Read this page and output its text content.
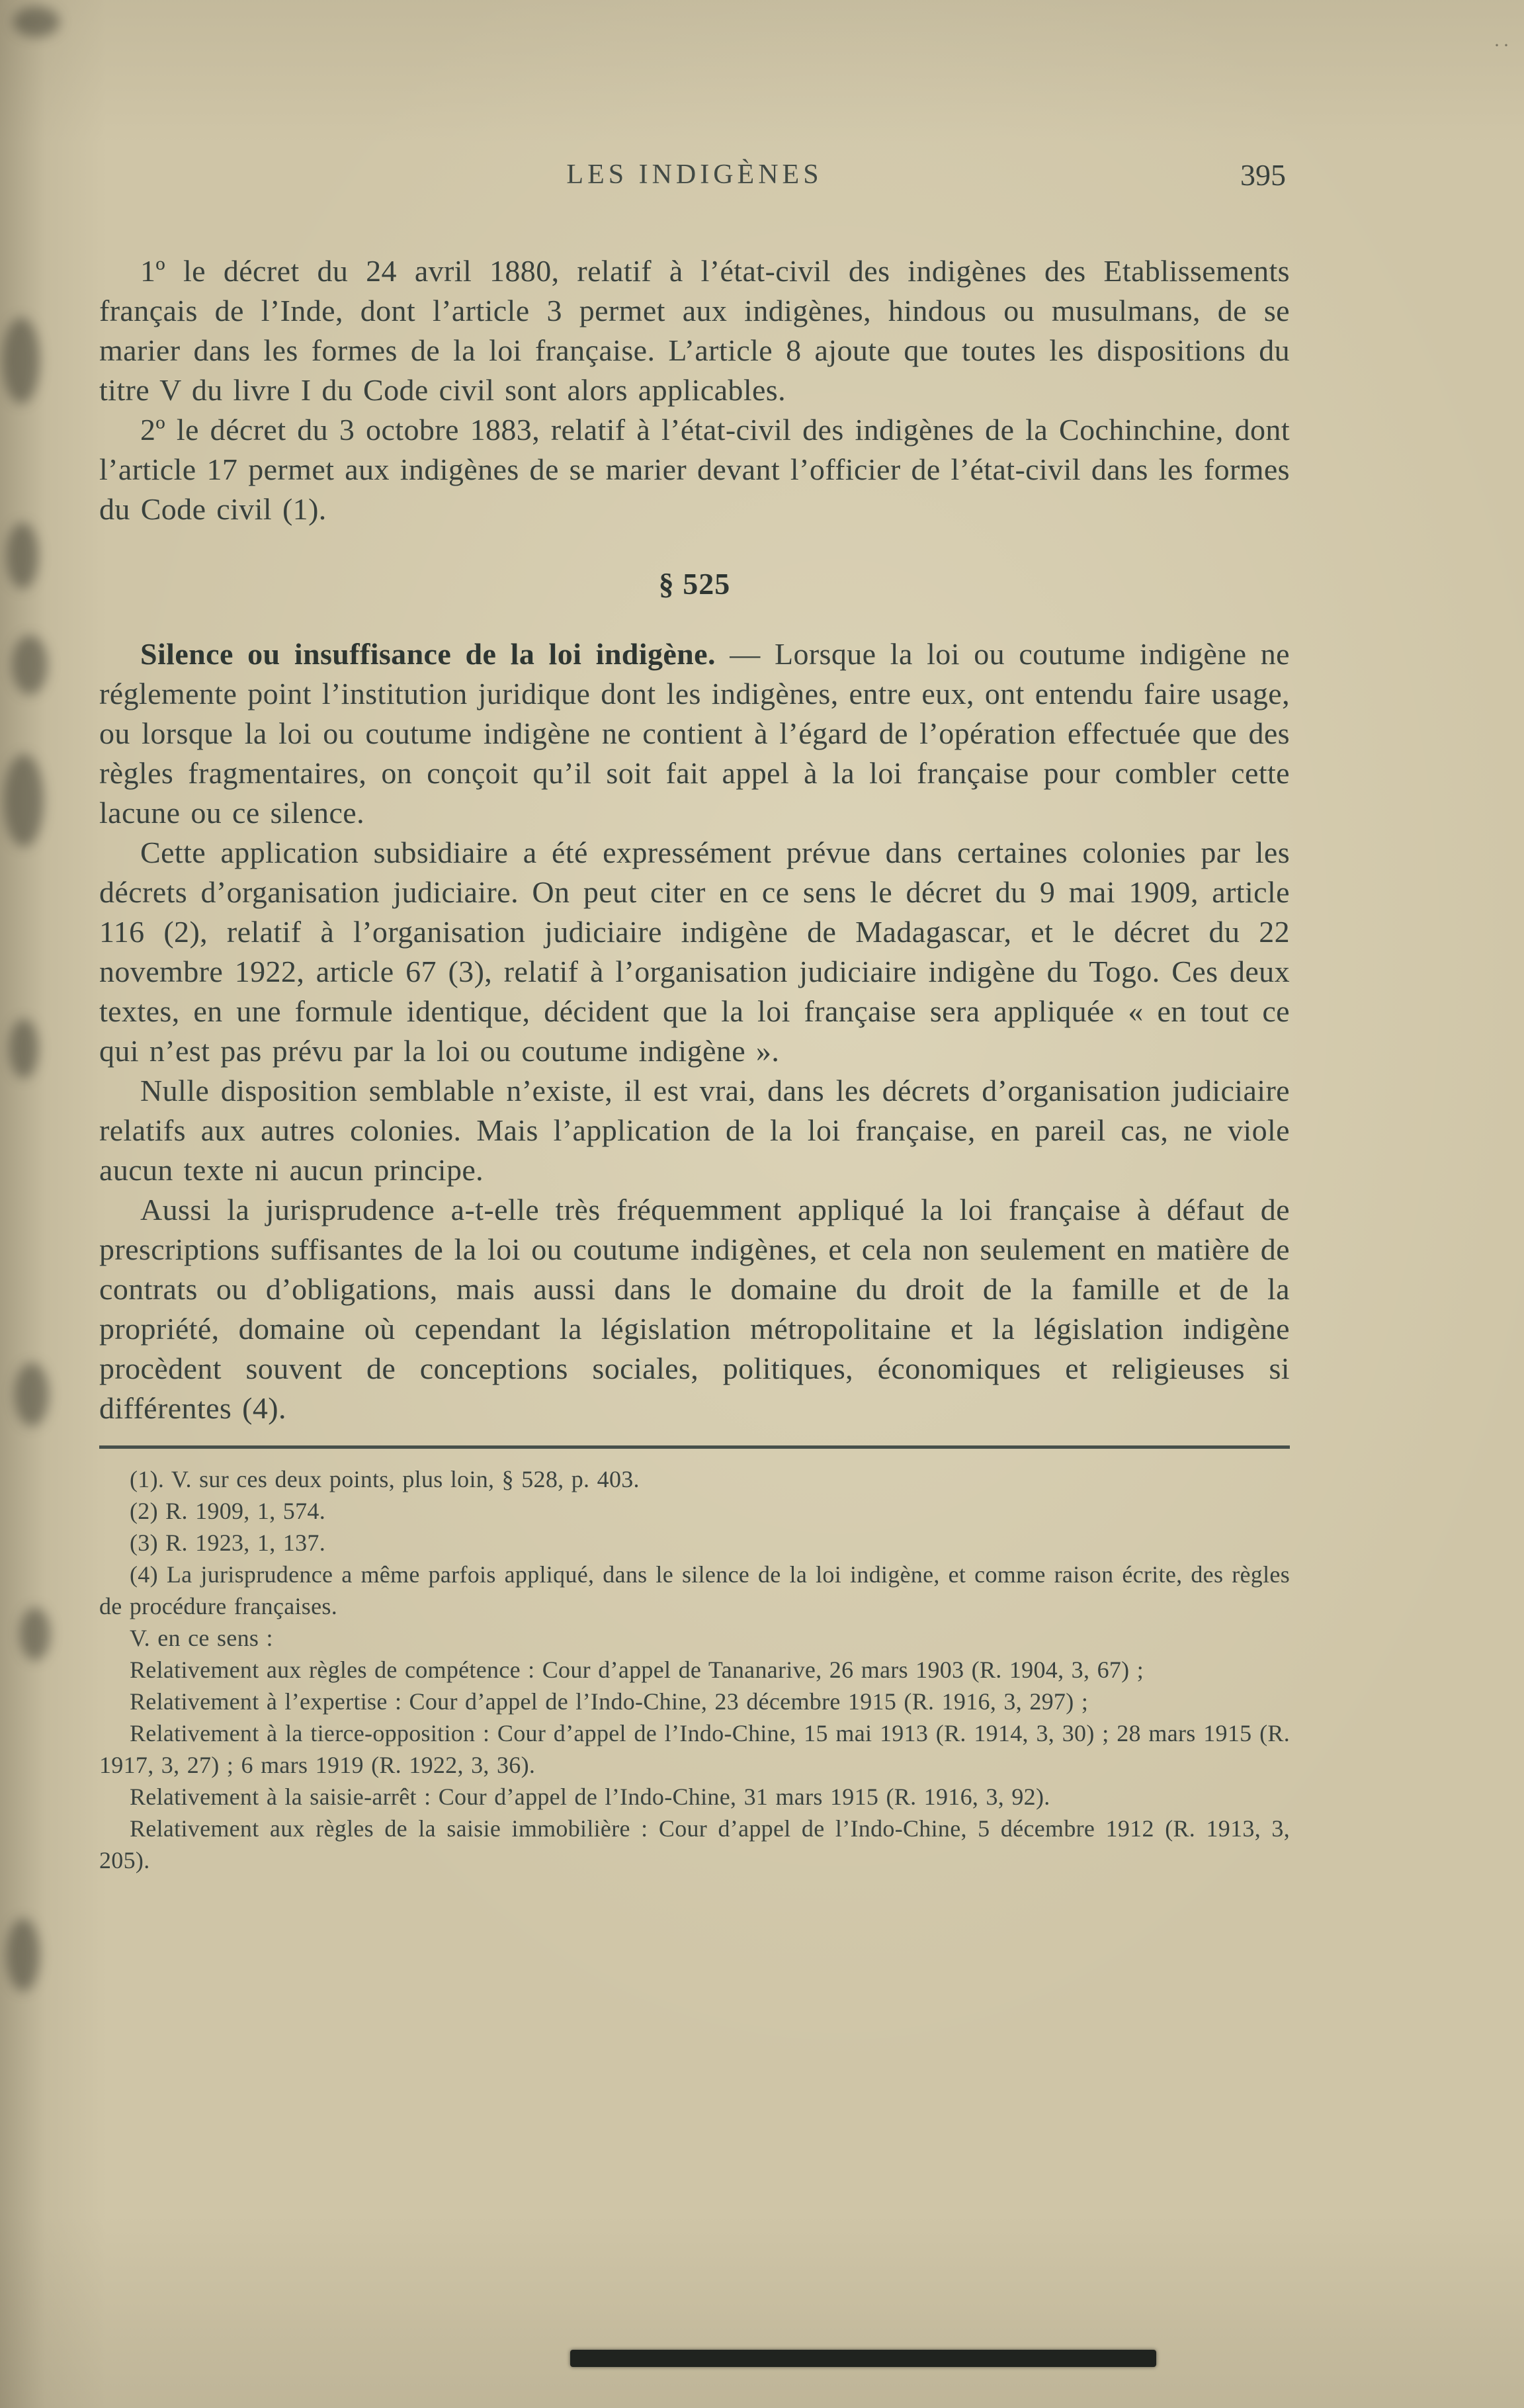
··
LES INDIGÈNES	395

1º le décret du 24 avril 1880, relatif à l’état-civil des indigènes des Etablissements français de l’Inde, dont l’article 3 permet aux indigènes, hindous ou musulmans, de se marier dans les formes de la loi française. L’article 8 ajoute que toutes les dispositions du titre V du livre I du Code civil sont alors applicables.

2º le décret du 3 octobre 1883, relatif à l’état-civil des indigènes de la Cochinchine, dont l’article 17 permet aux indigènes de se marier devant l’officier de l’état-civil dans les formes du Code civil (1).

§ 525

Silence ou insuffisance de la loi indigène. — Lorsque la loi ou coutume indigène ne réglemente point l’institution juridique dont les indigènes, entre eux, ont entendu faire usage, ou lorsque la loi ou coutume indigène ne contient à l’égard de l’opération effectuée que des règles fragmentaires, on conçoit qu’il soit fait appel à la loi française pour combler cette lacune ou ce silence.

Cette application subsidiaire a été expressément prévue dans certaines colonies par les décrets d’organisation judiciaire. On peut citer en ce sens le décret du 9 mai 1909, article 116 (2), relatif à l’organisation judiciaire indigène de Madagascar, et le décret du 22 novembre 1922, article 67 (3), relatif à l’organisation judiciaire indigène du Togo. Ces deux textes, en une formule identique, décident que la loi française sera appliquée « en tout ce qui n’est pas prévu par la loi ou coutume indigène ».

Nulle disposition semblable n’existe, il est vrai, dans les décrets d’organisation judiciaire relatifs aux autres colonies. Mais l’application de la loi française, en pareil cas, ne viole aucun texte ni aucun principe.

Aussi la jurisprudence a-t-elle très fréquemment appliqué la loi française à défaut de prescriptions suffisantes de la loi ou coutume indigènes, et cela non seulement en matière de contrats ou d’obligations, mais aussi dans le domaine du droit de la famille et de la propriété, domaine où cependant la législation métropolitaine et la législation indigène procèdent souvent de conceptions sociales, politiques, économiques et religieuses si différentes (4).

(1). V. sur ces deux points, plus loin, § 528, p. 403.

(2) R. 1909, 1, 574.

(3) R. 1923, 1, 137.

(4) La jurisprudence a même parfois appliqué, dans le silence de la loi indigène, et comme raison écrite, des règles de procédure françaises.

V. en ce sens :

Relativement aux règles de compétence : Cour d’appel de Tananarive, 26 mars 1903 (R. 1904, 3, 67) ;

Relativement à l’expertise : Cour d’appel de l’Indo-Chine, 23 décembre 1915 (R. 1916, 3, 297) ;

Relativement à la tierce-opposition : Cour d’appel de l’Indo-Chine, 15 mai 1913 (R. 1914, 3, 30) ; 28 mars 1915 (R. 1917, 3, 27) ; 6 mars 1919 (R. 1922, 3, 36).

Relativement à la saisie-arrêt : Cour d’appel de l’Indo-Chine, 31 mars 1915 (R. 1916, 3, 92).

Relativement aux règles de la saisie immobilière : Cour d’appel de l’Indo-Chine, 5 décembre 1912 (R. 1913, 3, 205).
